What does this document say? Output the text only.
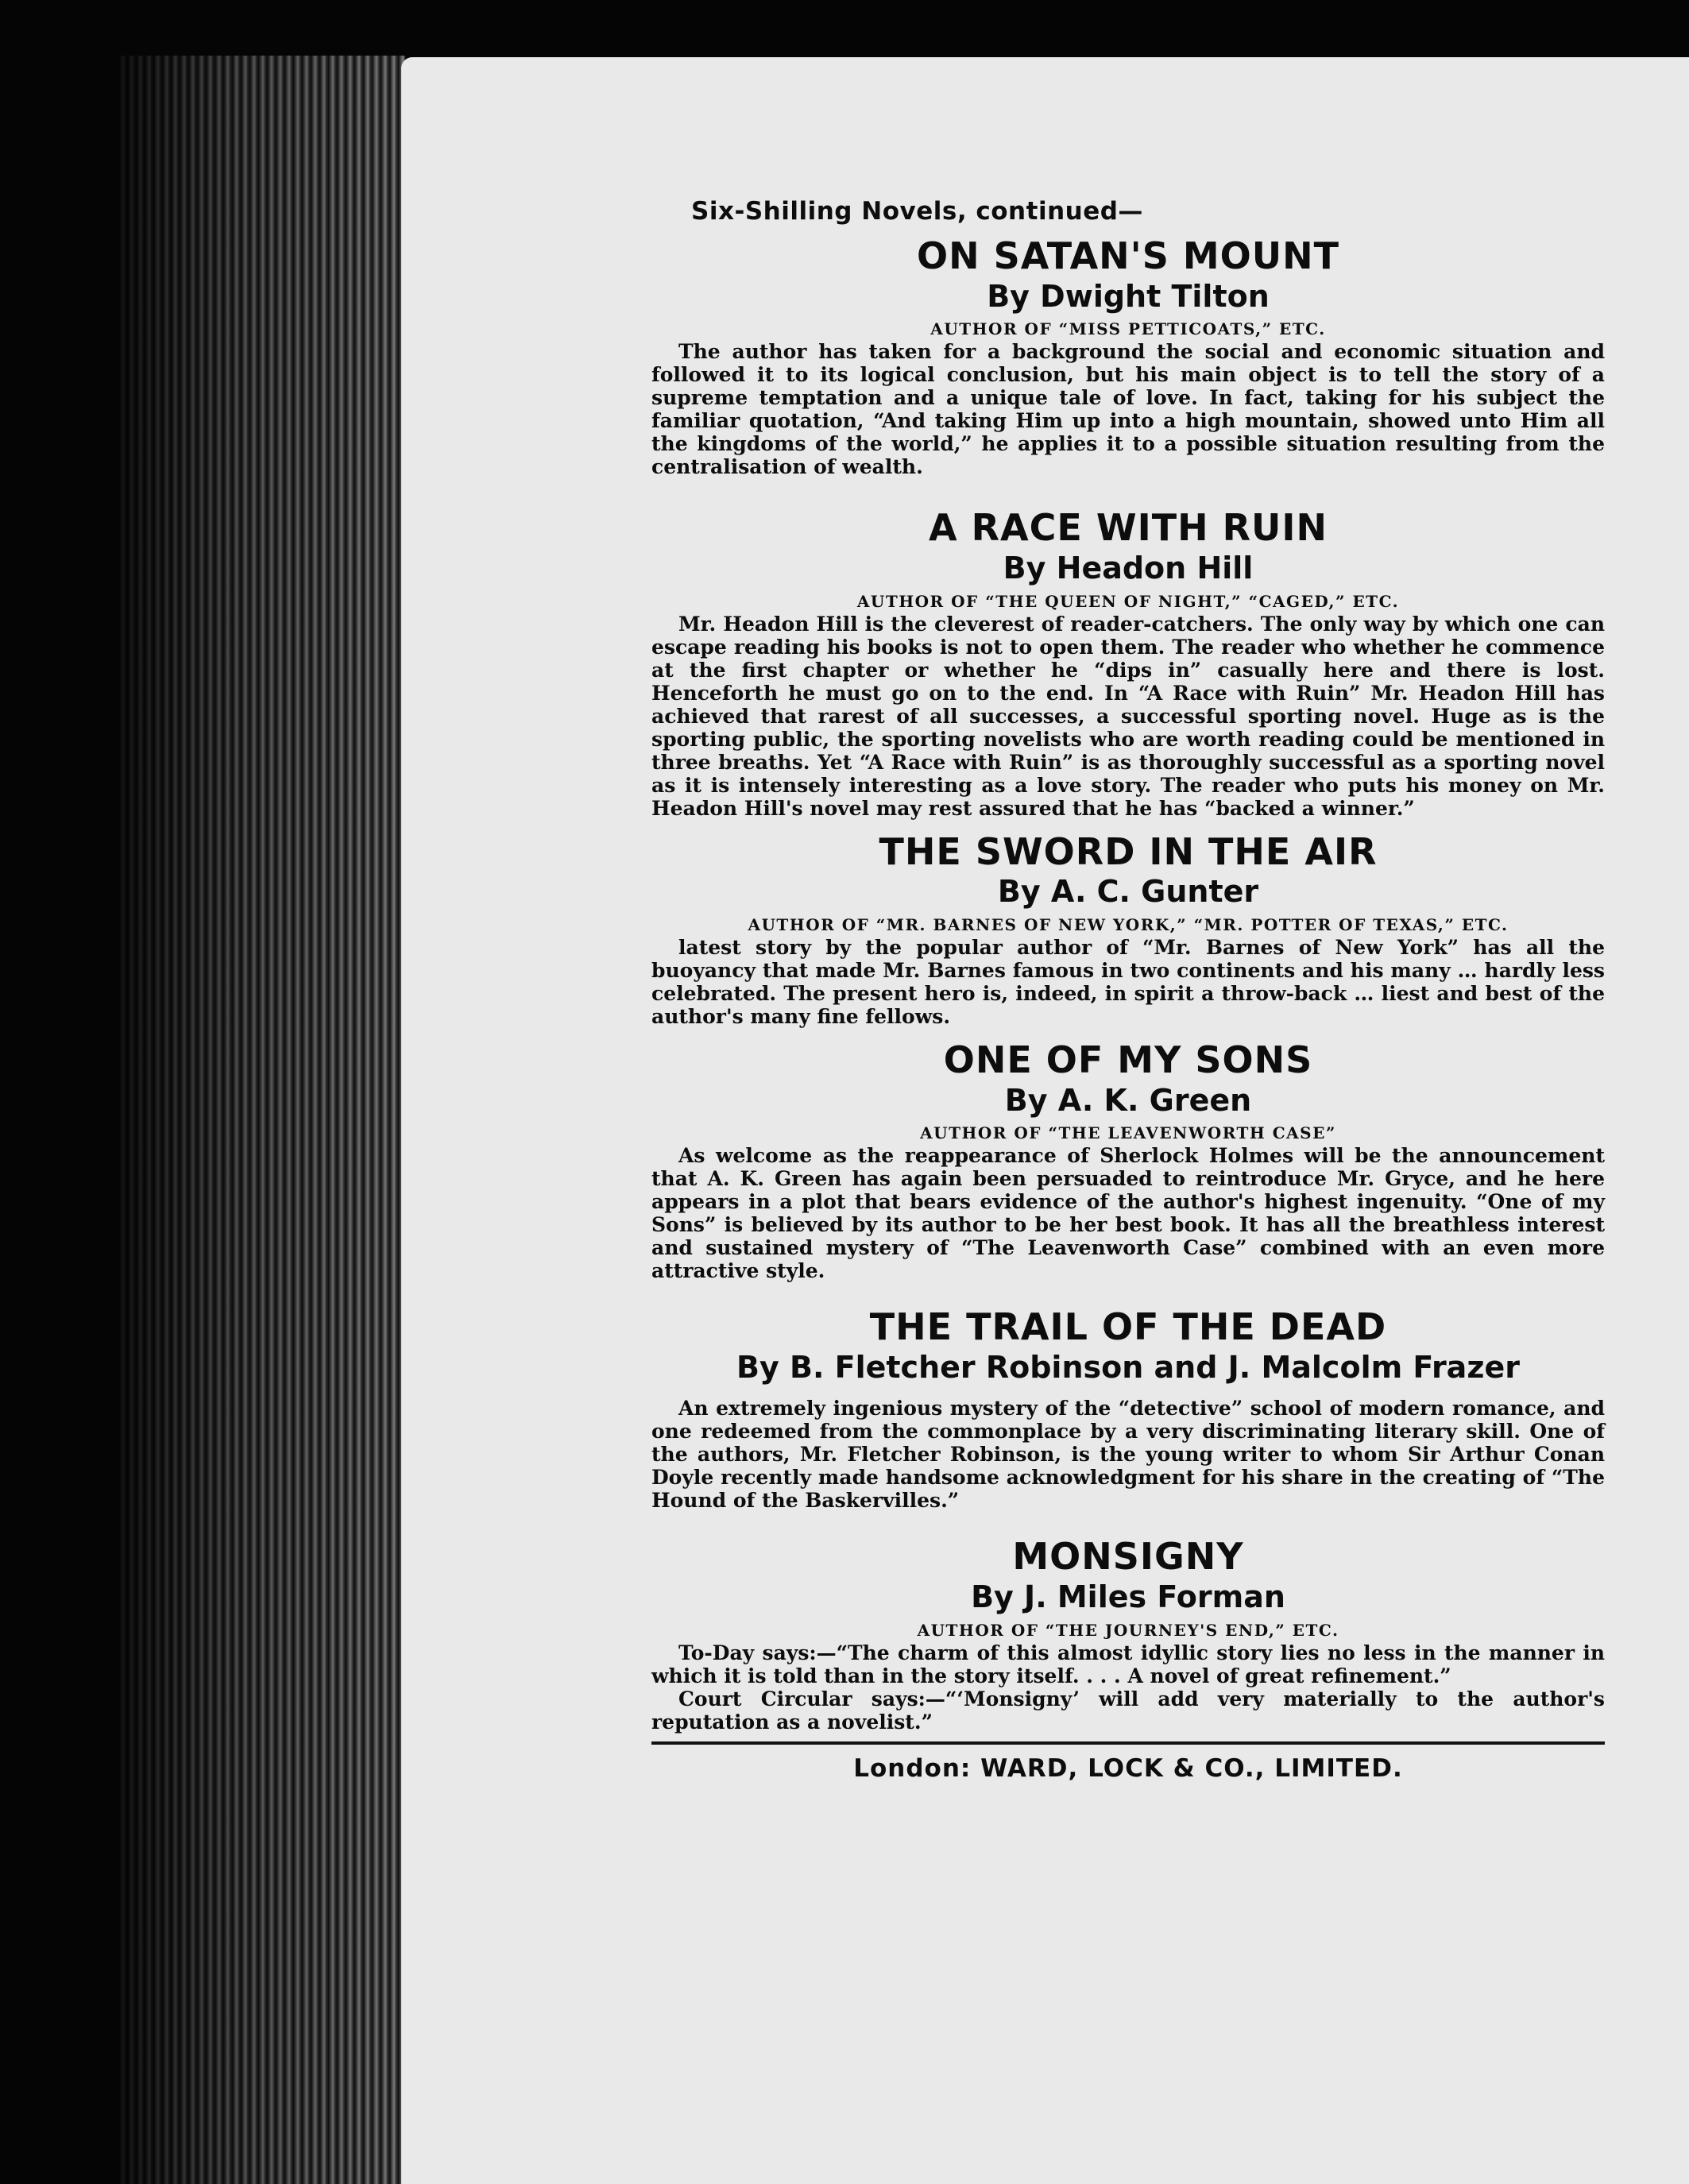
Six-Shilling Novels, continued—

ON SATAN'S MOUNT

By Dwight Tilton

AUTHOR OF “MISS PETTICOATS,” ETC.

The author has taken for a background the social and economic situation and followed it to its logical conclusion, but his main object is to tell the story of a supreme temptation and a unique tale of love. In fact, taking for his subject the familiar quotation, “And taking Him up into a high mountain, showed unto Him all the kingdoms of the world,” he applies it to a possible situation resulting from the centralisation of wealth.

A RACE WITH RUIN

By Headon Hill

AUTHOR OF “THE QUEEN OF NIGHT,” “CAGED,” ETC.

Mr. Headon Hill is the cleverest of reader-catchers. The only way by which one can escape reading his books is not to open them. The reader who whether he commence at the first chapter or whether he “dips in” casually here and there is lost. Henceforth he must go on to the end. In “A Race with Ruin” Mr. Headon Hill has achieved that rarest of all successes, a successful sporting novel. Huge as is the sporting public, the sporting novelists who are worth reading could be mentioned in three breaths. Yet “A Race with Ruin” is as thoroughly successful as a sporting novel as it is intensely interesting as a love story. The reader who puts his money on Mr. Headon Hill's novel may rest assured that he has “backed a winner.”

THE SWORD IN THE AIR

By A. C. Gunter

AUTHOR OF “MR. BARNES OF NEW YORK,” “MR. POTTER OF TEXAS,” ETC.

latest story by the popular author of “Mr. Barnes of New York” has all the buoyancy that made Mr. Barnes famous in two continents and his many … hardly less celebrated. The present hero is, indeed, in spirit a throw-back … liest and best of the author's many fine fellows.

ONE OF MY SONS

By A. K. Green

AUTHOR OF “THE LEAVENWORTH CASE”

As welcome as the reappearance of Sherlock Holmes will be the announcement that A. K. Green has again been persuaded to reintroduce Mr. Gryce, and he here appears in a plot that bears evidence of the author's highest ingenuity. “One of my Sons” is believed by its author to be her best book. It has all the breathless interest and sustained mystery of “The Leavenworth Case” combined with an even more attractive style.

THE TRAIL OF THE DEAD

By B. Fletcher Robinson and J. Malcolm Frazer

An extremely ingenious mystery of the “detective” school of modern romance, and one redeemed from the commonplace by a very discriminating literary skill. One of the authors, Mr. Fletcher Robinson, is the young writer to whom Sir Arthur Conan Doyle recently made handsome acknowledgment for his share in the creating of “The Hound of the Baskervilles.”

MONSIGNY

By J. Miles Forman

AUTHOR OF “THE JOURNEY'S END,” ETC.

To-Day says:—“The charm of this almost idyllic story lies no less in the manner in which it is told than in the story itself. . . . A novel of great refinement.”

Court Circular says:—“‘Monsigny’ will add very materially to the author's reputation as a novelist.”

London: WARD, LOCK & CO., LIMITED.
